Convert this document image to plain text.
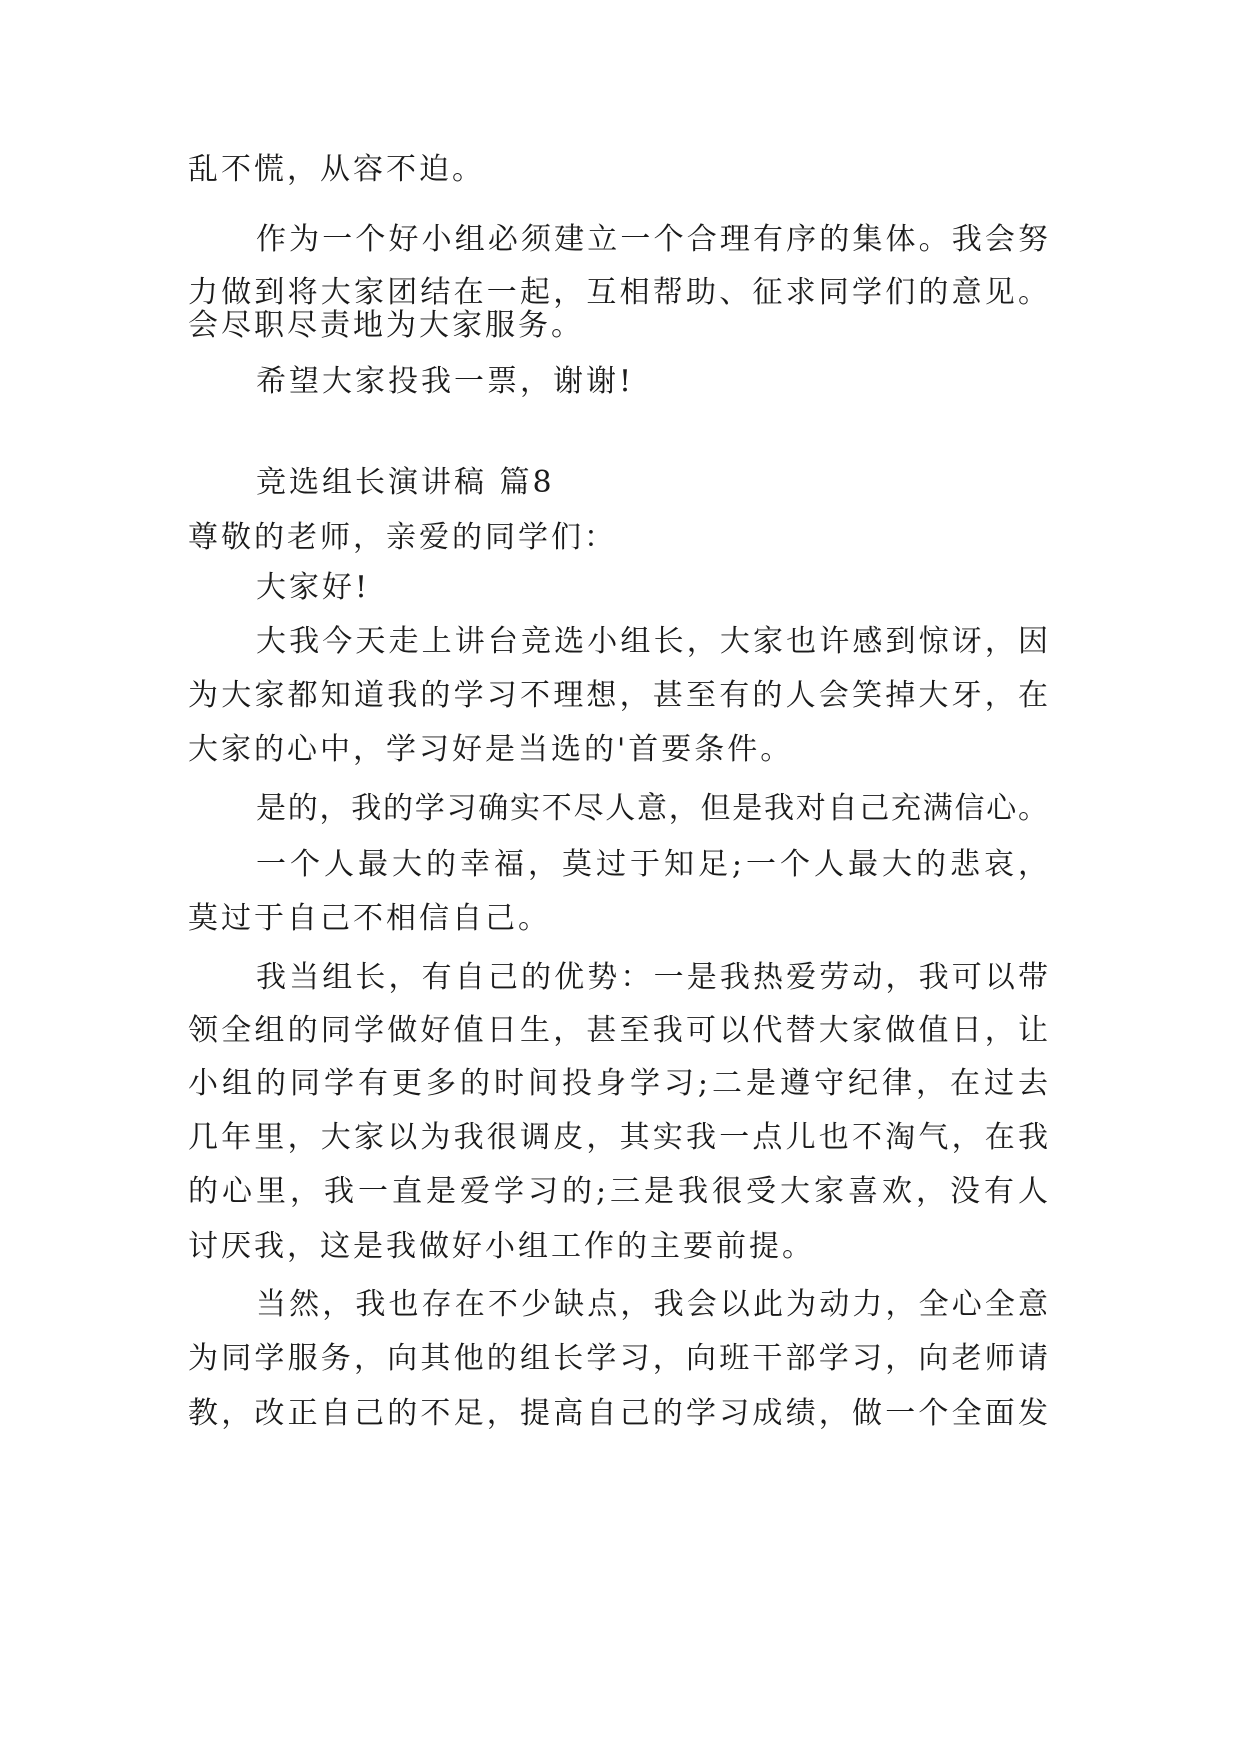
乱不慌，从容不迫。
作为一个好小组必须建立一个合理有序的集体。我会努
力做到将大家团结在一起，互相帮助、征求同学们的意见。
会尽职尽责地为大家服务。
希望大家投我一票，谢谢!
竞选组长演讲稿 篇8
尊敬的老师，亲爱的同学们：
大家好!
大我今天走上讲台竞选小组长，大家也许感到惊讶，因
为大家都知道我的学习不理想，甚至有的人会笑掉大牙，在
大家的心中，学习好是当选的'首要条件。
是的，我的学习确实不尽人意，但是我对自己充满信心。
一个人最大的幸福，莫过于知足;一个人最大的悲哀，
莫过于自己不相信自己。
我当组长，有自己的优势：一是我热爱劳动，我可以带
领全组的同学做好值日生，甚至我可以代替大家做值日，让
小组的同学有更多的时间投身学习;二是遵守纪律，在过去
几年里，大家以为我很调皮，其实我一点儿也不淘气，在我
的心里，我一直是爱学习的;三是我很受大家喜欢，没有人
讨厌我，这是我做好小组工作的主要前提。
当然，我也存在不少缺点，我会以此为动力，全心全意
为同学服务，向其他的组长学习，向班干部学习，向老师请
教，改正自己的不足，提高自己的学习成绩，做一个全面发
